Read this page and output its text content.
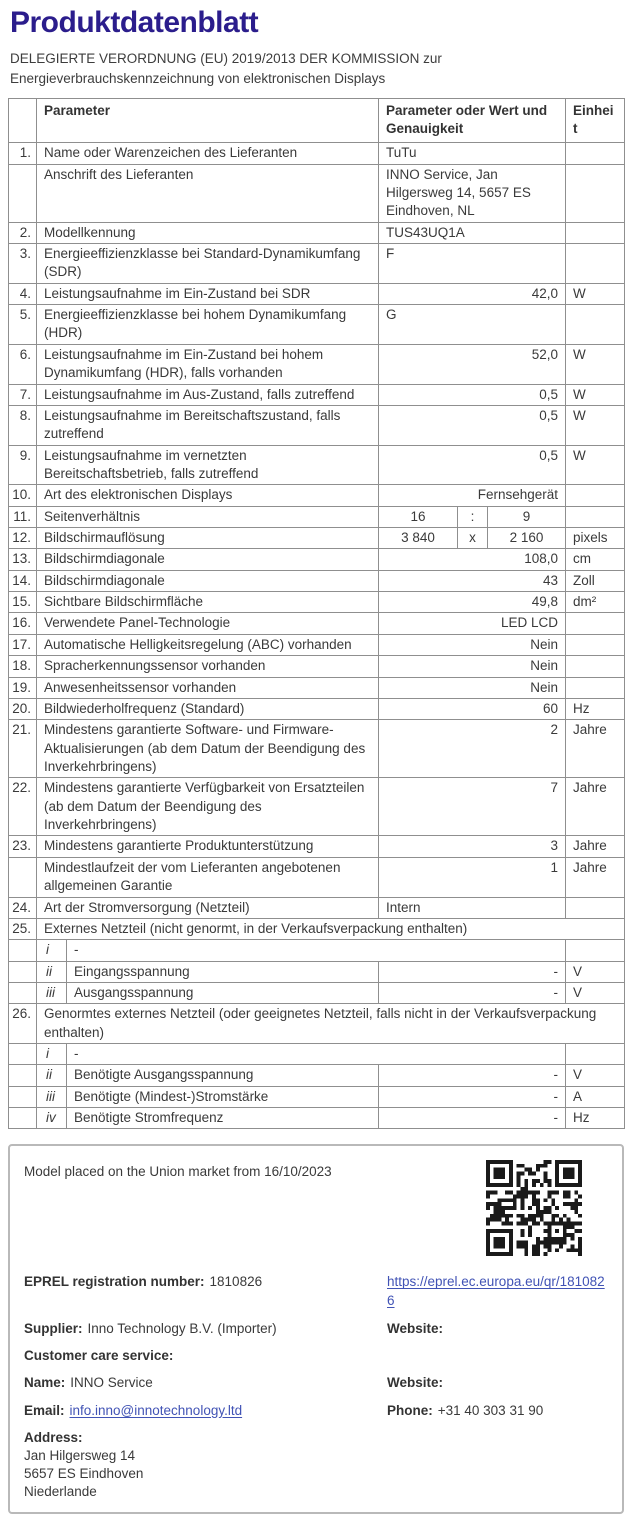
Produktdatenblatt
DELEGIERTE VERORDNUNG (EU) 2019/2013 DER KOMMISSION zur
Energieverbrauchskennzeichnung von elektronischen Displays
	Parameter		Parameter oder Wert und Genauigkeit			Einheit
1.	Name oder Warenzeichen des Lieferanten		TuTu			
	Anschrift des Lieferanten		INNO Service, Jan Hilgersweg 14, 5657 ES Eindhoven, NL			
2.	Modellkennung		TUS43UQ1A			
3.	Energieeffizienzklasse bei Standard-Dynamikumfang (SDR)		F			
4.	Leistungsaufnahme im Ein-Zustand bei SDR		42,0			W
5.	Energieeffizienzklasse bei hohem Dynamikumfang (HDR)		G			
6.	Leistungsaufnahme im Ein-Zustand bei hohem Dynamikumfang (HDR), falls vorhanden		52,0			W
7.	Leistungsaufnahme im Aus-Zustand, falls zutreffend		0,5			W
8.	Leistungsaufnahme im Bereitschaftszustand, falls zutreffend		0,5			W
9.	Leistungsaufnahme im vernetzten Bereitschaftsbetrieb, falls zutreffend		0,5			W
10.	Art des elektronischen Displays		Fernsehgerät			
11.	Seitenverhältnis		16	:	9	
12.	Bildschirmauflösung		3 840	x	2 160	pixels
13.	Bildschirmdiagonale		108,0			cm
14.	Bildschirmdiagonale		43			Zoll
15.	Sichtbare Bildschirmfläche		49,8			dm²
16.	Verwendete Panel-Technologie		LED LCD			
17.	Automatische Helligkeitsregelung (ABC) vorhanden		Nein			
18.	Spracherkennungssensor vorhanden		Nein			
19.	Anwesenheitssensor vorhanden		Nein			
20.	Bildwiederholfrequenz (Standard)		60			Hz
21.	Mindestens garantierte Software- und Firmware-Aktualisierungen (ab dem Datum der Beendigung des Inverkehrbringens)		2			Jahre
22.	Mindestens garantierte Verfügbarkeit von Ersatzteilen (ab dem Datum der Beendigung des Inverkehrbringens)		7			Jahre
23.	Mindestens garantierte Produktunterstützung		3			Jahre
	Mindestlaufzeit der vom Lieferanten angebotenen allgemeinen Garantie		1			Jahre
24.	Art der Stromversorgung (Netzteil)		Intern			
25.	Externes Netzteil (nicht genormt, in der Verkaufsverpackung enthalten)					
	i	-				
	ii	Eingangsspannung	-			V
	iii	Ausgangsspannung	-			V
26.	Genormtes externes Netzteil (oder geeignetes Netzteil, falls nicht in der Verkaufsverpackung enthalten)					
	i	-				
	ii	Benötigte Ausgangsspannung	-			V
	iii	Benötigte (Mindest-)Stromstärke	-			A
	iv	Benötigte Stromfrequenz	-			Hz
Model placed on the Union market from 16/10/2023
EPREL registration number: 1810826	https://eprel.ec.europa.eu/qr/1810826
Supplier: Inno Technology B.V. (Importer)	Website:
Customer care service:
Name: INNO Service	Website:
Email: info.inno@innotechnology.ltd	Phone: +31 40 303 31 90
Address:
Jan Hilgersweg 14
5657 ES Eindhoven
Niederlande
